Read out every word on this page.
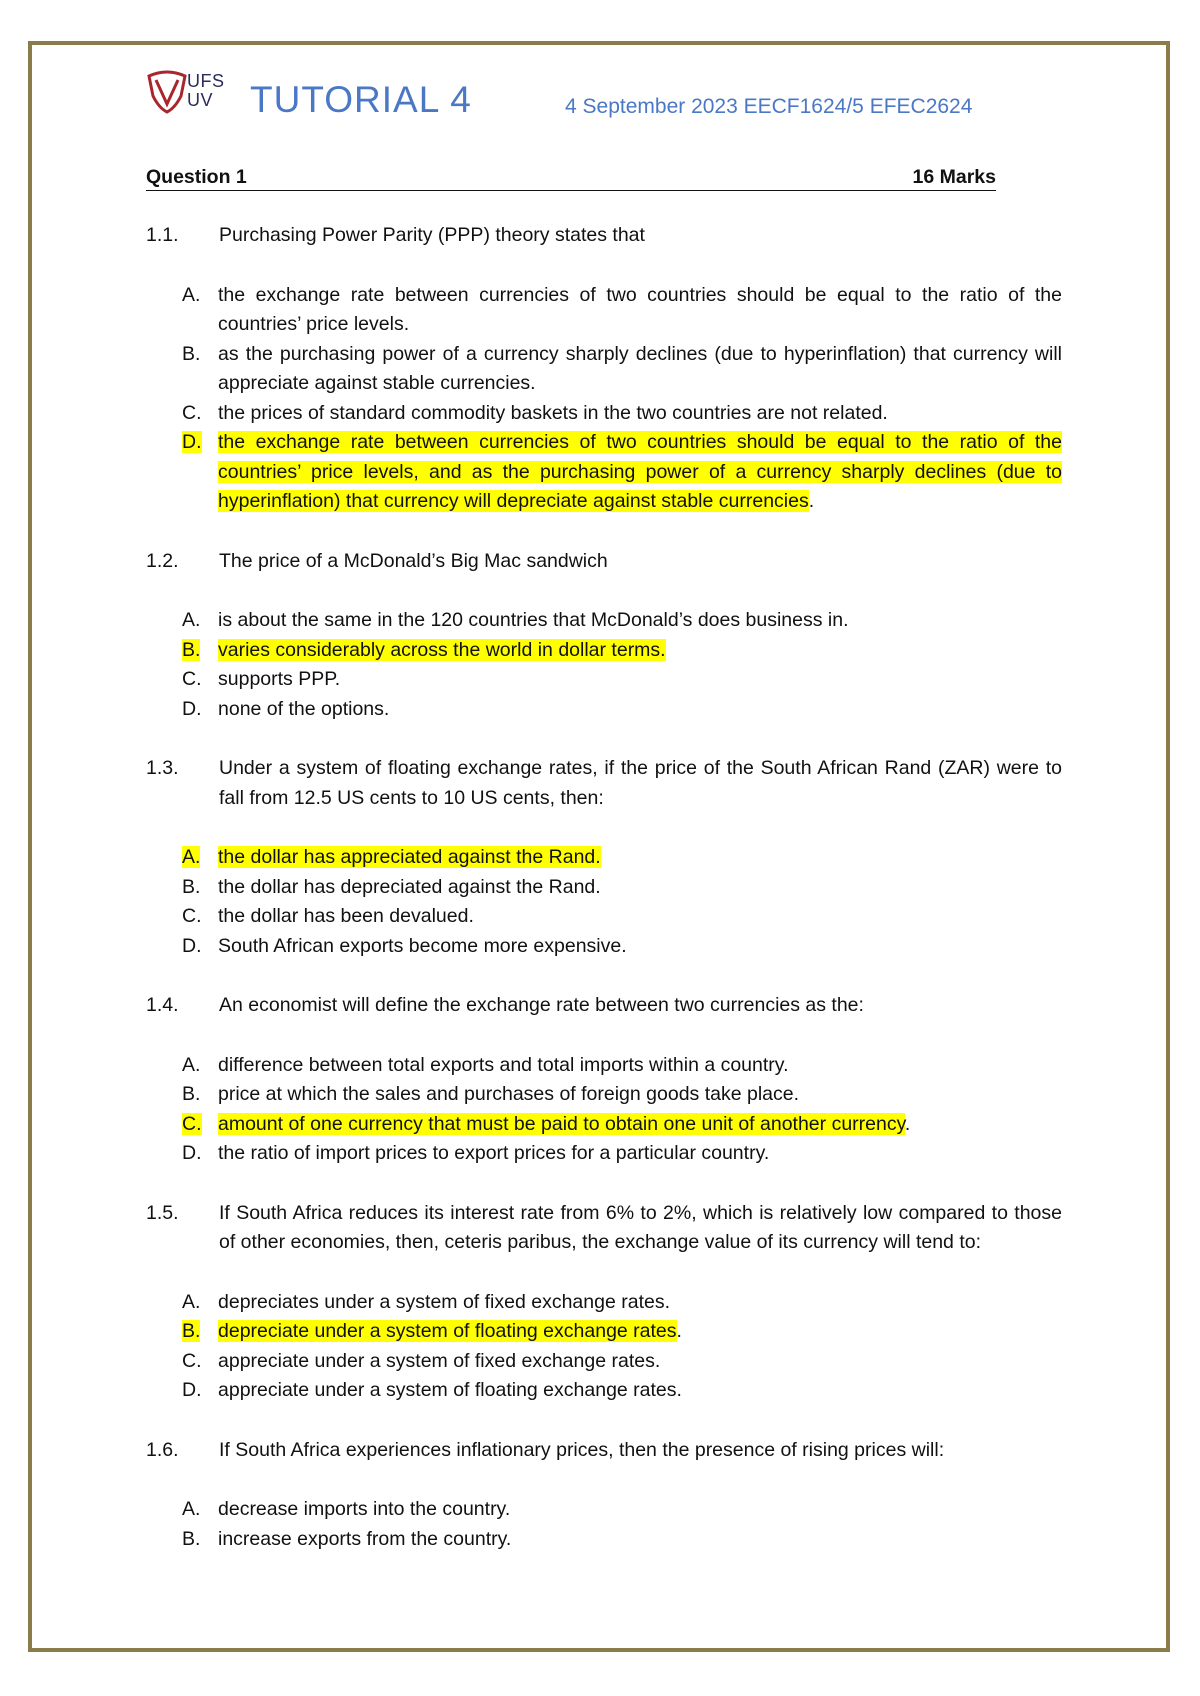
UFS
UV TUTORIAL 4	4 September 2023 EECF1624/5 EFEC2624
Question 1	16 Marks
1.1.	Purchasing Power Parity (PPP) theory states that
A. the exchange rate between currencies of two countries should be equal to the ratio of the countries’ price levels.
B. as the purchasing power of a currency sharply declines (due to hyperinflation) that currency will appreciate against stable currencies.
C. the prices of standard commodity baskets in the two countries are not related.
D. the exchange rate between currencies of two countries should be equal to the ratio of the countries’ price levels, and as the purchasing power of a currency sharply declines (due to hyperinflation) that currency will depreciate against stable currencies.
1.2.	The price of a McDonald’s Big Mac sandwich
A. is about the same in the 120 countries that McDonald’s does business in.
B. varies considerably across the world in dollar terms.
C. supports PPP.
D. none of the options.
1.3.	Under a system of floating exchange rates, if the price of the South African Rand (ZAR) were to fall from 12.5 US cents to 10 US cents, then:
A. the dollar has appreciated against the Rand.
B. the dollar has depreciated against the Rand.
C. the dollar has been devalued.
D. South African exports become more expensive.
1.4.	An economist will define the exchange rate between two currencies as the:
A. difference between total exports and total imports within a country.
B. price at which the sales and purchases of foreign goods take place.
C. amount of one currency that must be paid to obtain one unit of another currency.
D. the ratio of import prices to export prices for a particular country.
1.5.	If South Africa reduces its interest rate from 6% to 2%, which is relatively low compared to those of other economies, then, ceteris paribus, the exchange value of its currency will tend to:
A. depreciates under a system of fixed exchange rates.
B. depreciate under a system of floating exchange rates.
C. appreciate under a system of fixed exchange rates.
D. appreciate under a system of floating exchange rates.
1.6.	If South Africa experiences inflationary prices, then the presence of rising prices will:
A. decrease imports into the country.
B. increase exports from the country.
